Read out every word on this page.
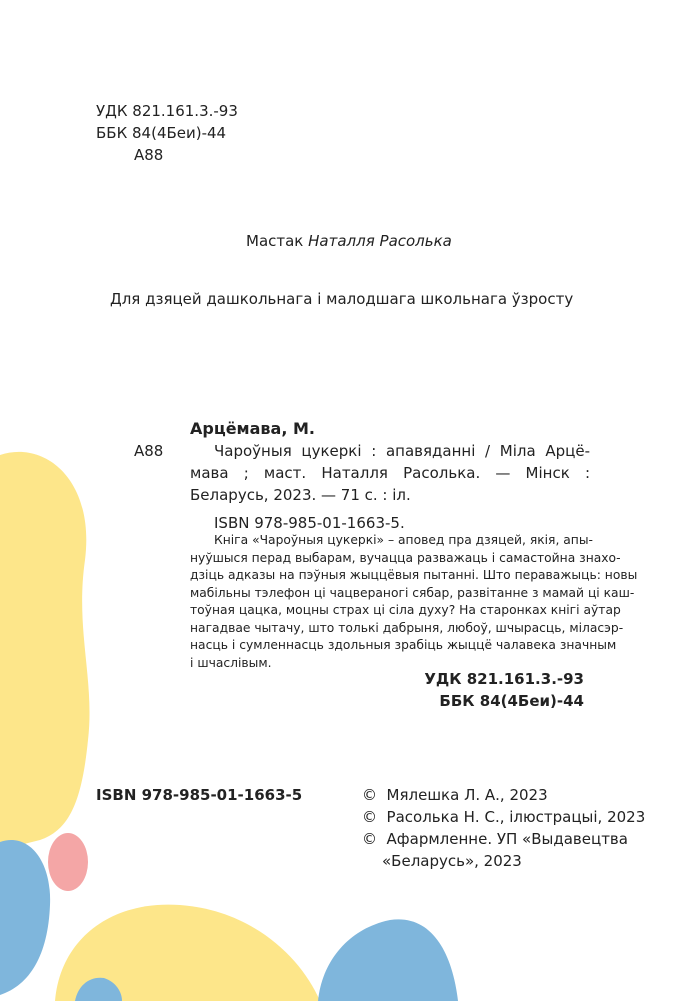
УДК 821.161.3.-93
ББК 84(4Беи)-44
А88
Мастак Наталля Расолька
Для дзяцей дашкольнага і малодшага школьнага ўзросту
Арцёмава, М.
А88	Чароўныя цукеркі : апавяданні / Міла Арцё-
мава ; маст. Наталля Расолька. — Мінск :
Беларусь, 2023. — 71 с. : іл.
ISBN 978-985-01-1663-5.
Кніга «Чароўныя цукеркі» – аповед пра дзяцей, якія, апы-
нуўшыся перад выбарам, вучацца разважаць і самастойна знахо-
дзіць адказы на пэўныя жыццёвыя пытанні. Што пераважыць: новы
мабільны тэлефон ці чацвераногі сябар, развітанне з мамай ці каш-
тоўная цацка, моцны страх ці сіла духу? На старонках кнігі аўтар
нагадвае чытачу, што толькі дабрыня, любоў, шчырасць, міласэр-
насць і сумленнасць здольныя зрабіць жыццё чалавека значным
і шчаслівым.
УДК 821.161.3.-93
ББК 84(4Беи)-44
ISBN 978-985-01-1663-5	© Мялешка Л. А., 2023
© Расолька Н. С., ілюстрацыі, 2023
© Афармленне. УП «Выдавецтва
«Беларусь», 2023
